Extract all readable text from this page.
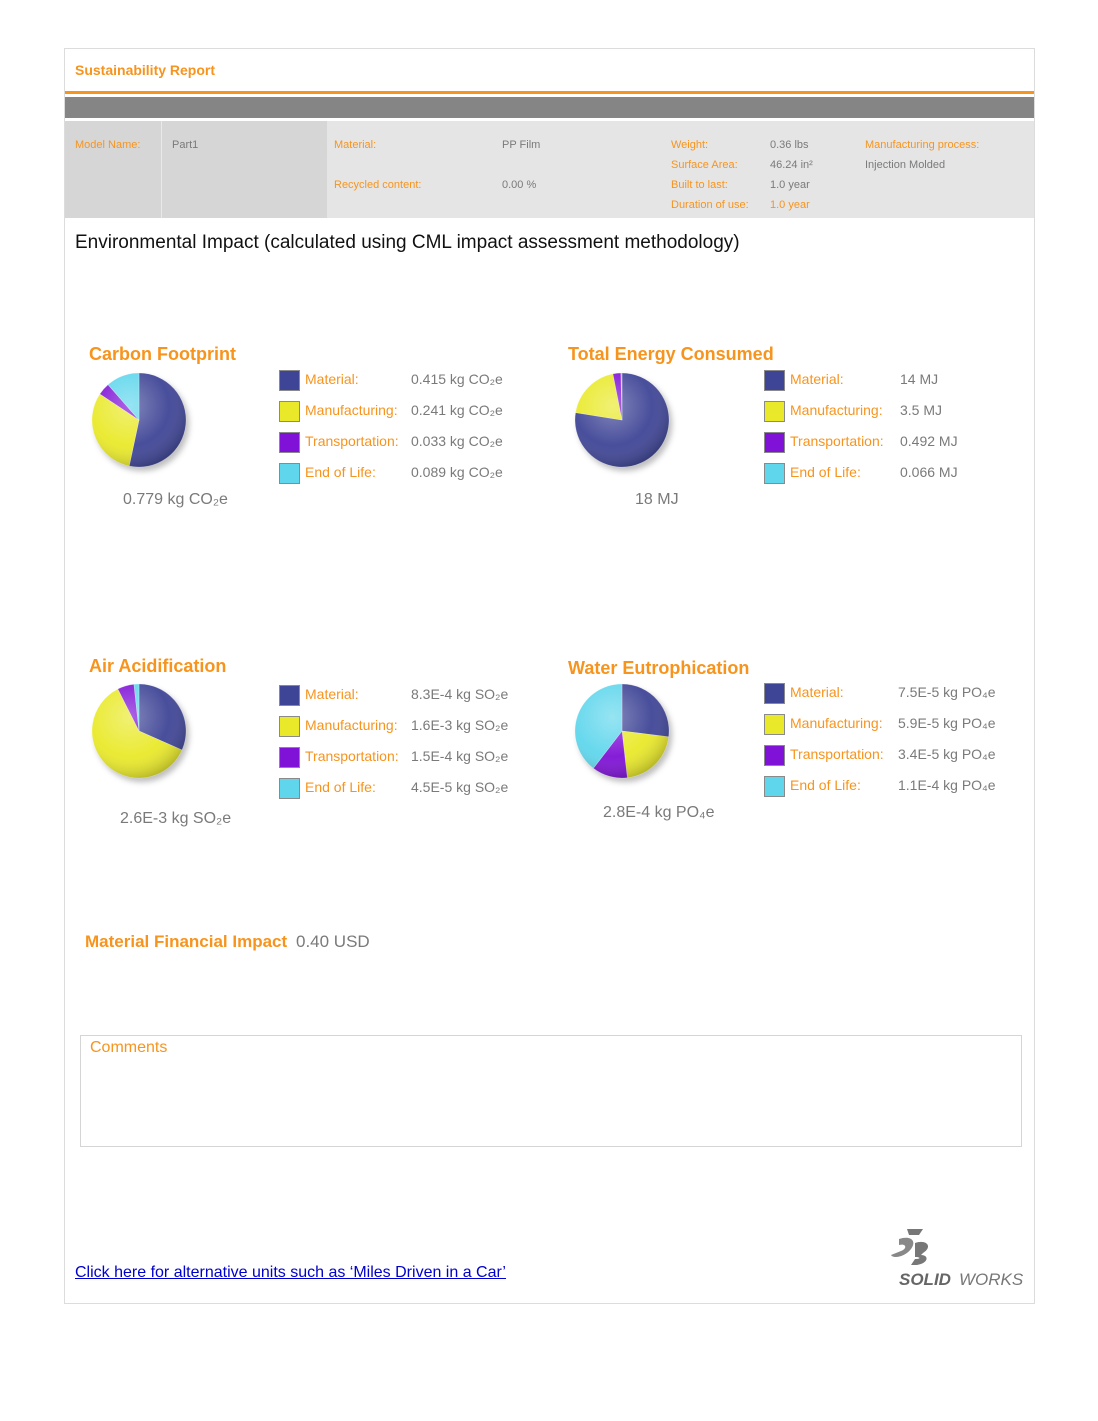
Sustainability Report
Model Name:	Part1	Material:	PP Film
Recycled content:	0.00 %
Weight:	0.36 lbs
Surface Area:	46.24 in²
Built to last:	1.0 year
Duration of use: 1.0 year
Manufacturing process:
Injection Molded
Environmental Impact (calculated using CML impact assessment methodology)
Carbon Footprint
0.779 kg CO₂e
Material:	0.415 kg CO₂e
Manufacturing: 0.241 kg CO₂e
Transportation: 0.033 kg CO₂e
End of Life:	0.089 kg CO₂e
Total Energy Consumed
18 MJ
Material:	14 MJ
Manufacturing: 3.5 MJ
Transportation: 0.492 MJ
End of Life:	0.066 MJ
Air Acidification
2.6E-3 kg SO₂e
Material:	8.3E-4 kg SO₂e
Manufacturing: 1.6E-3 kg SO₂e
Transportation: 1.5E-4 kg SO₂e
End of Life:	4.5E-5 kg SO₂e
Water Eutrophication
2.8E-4 kg PO₄e
Material:	7.5E-5 kg PO₄e
Manufacturing: 5.9E-5 kg PO₄e
Transportation: 3.4E-5 kg PO₄e
End of Life:	1.1E-4 kg PO₄e
Material Financial Impact 0.40 USD
Comments
Click here for alternative units such as ‘Miles Driven in a Car’	SOLID WORKS
